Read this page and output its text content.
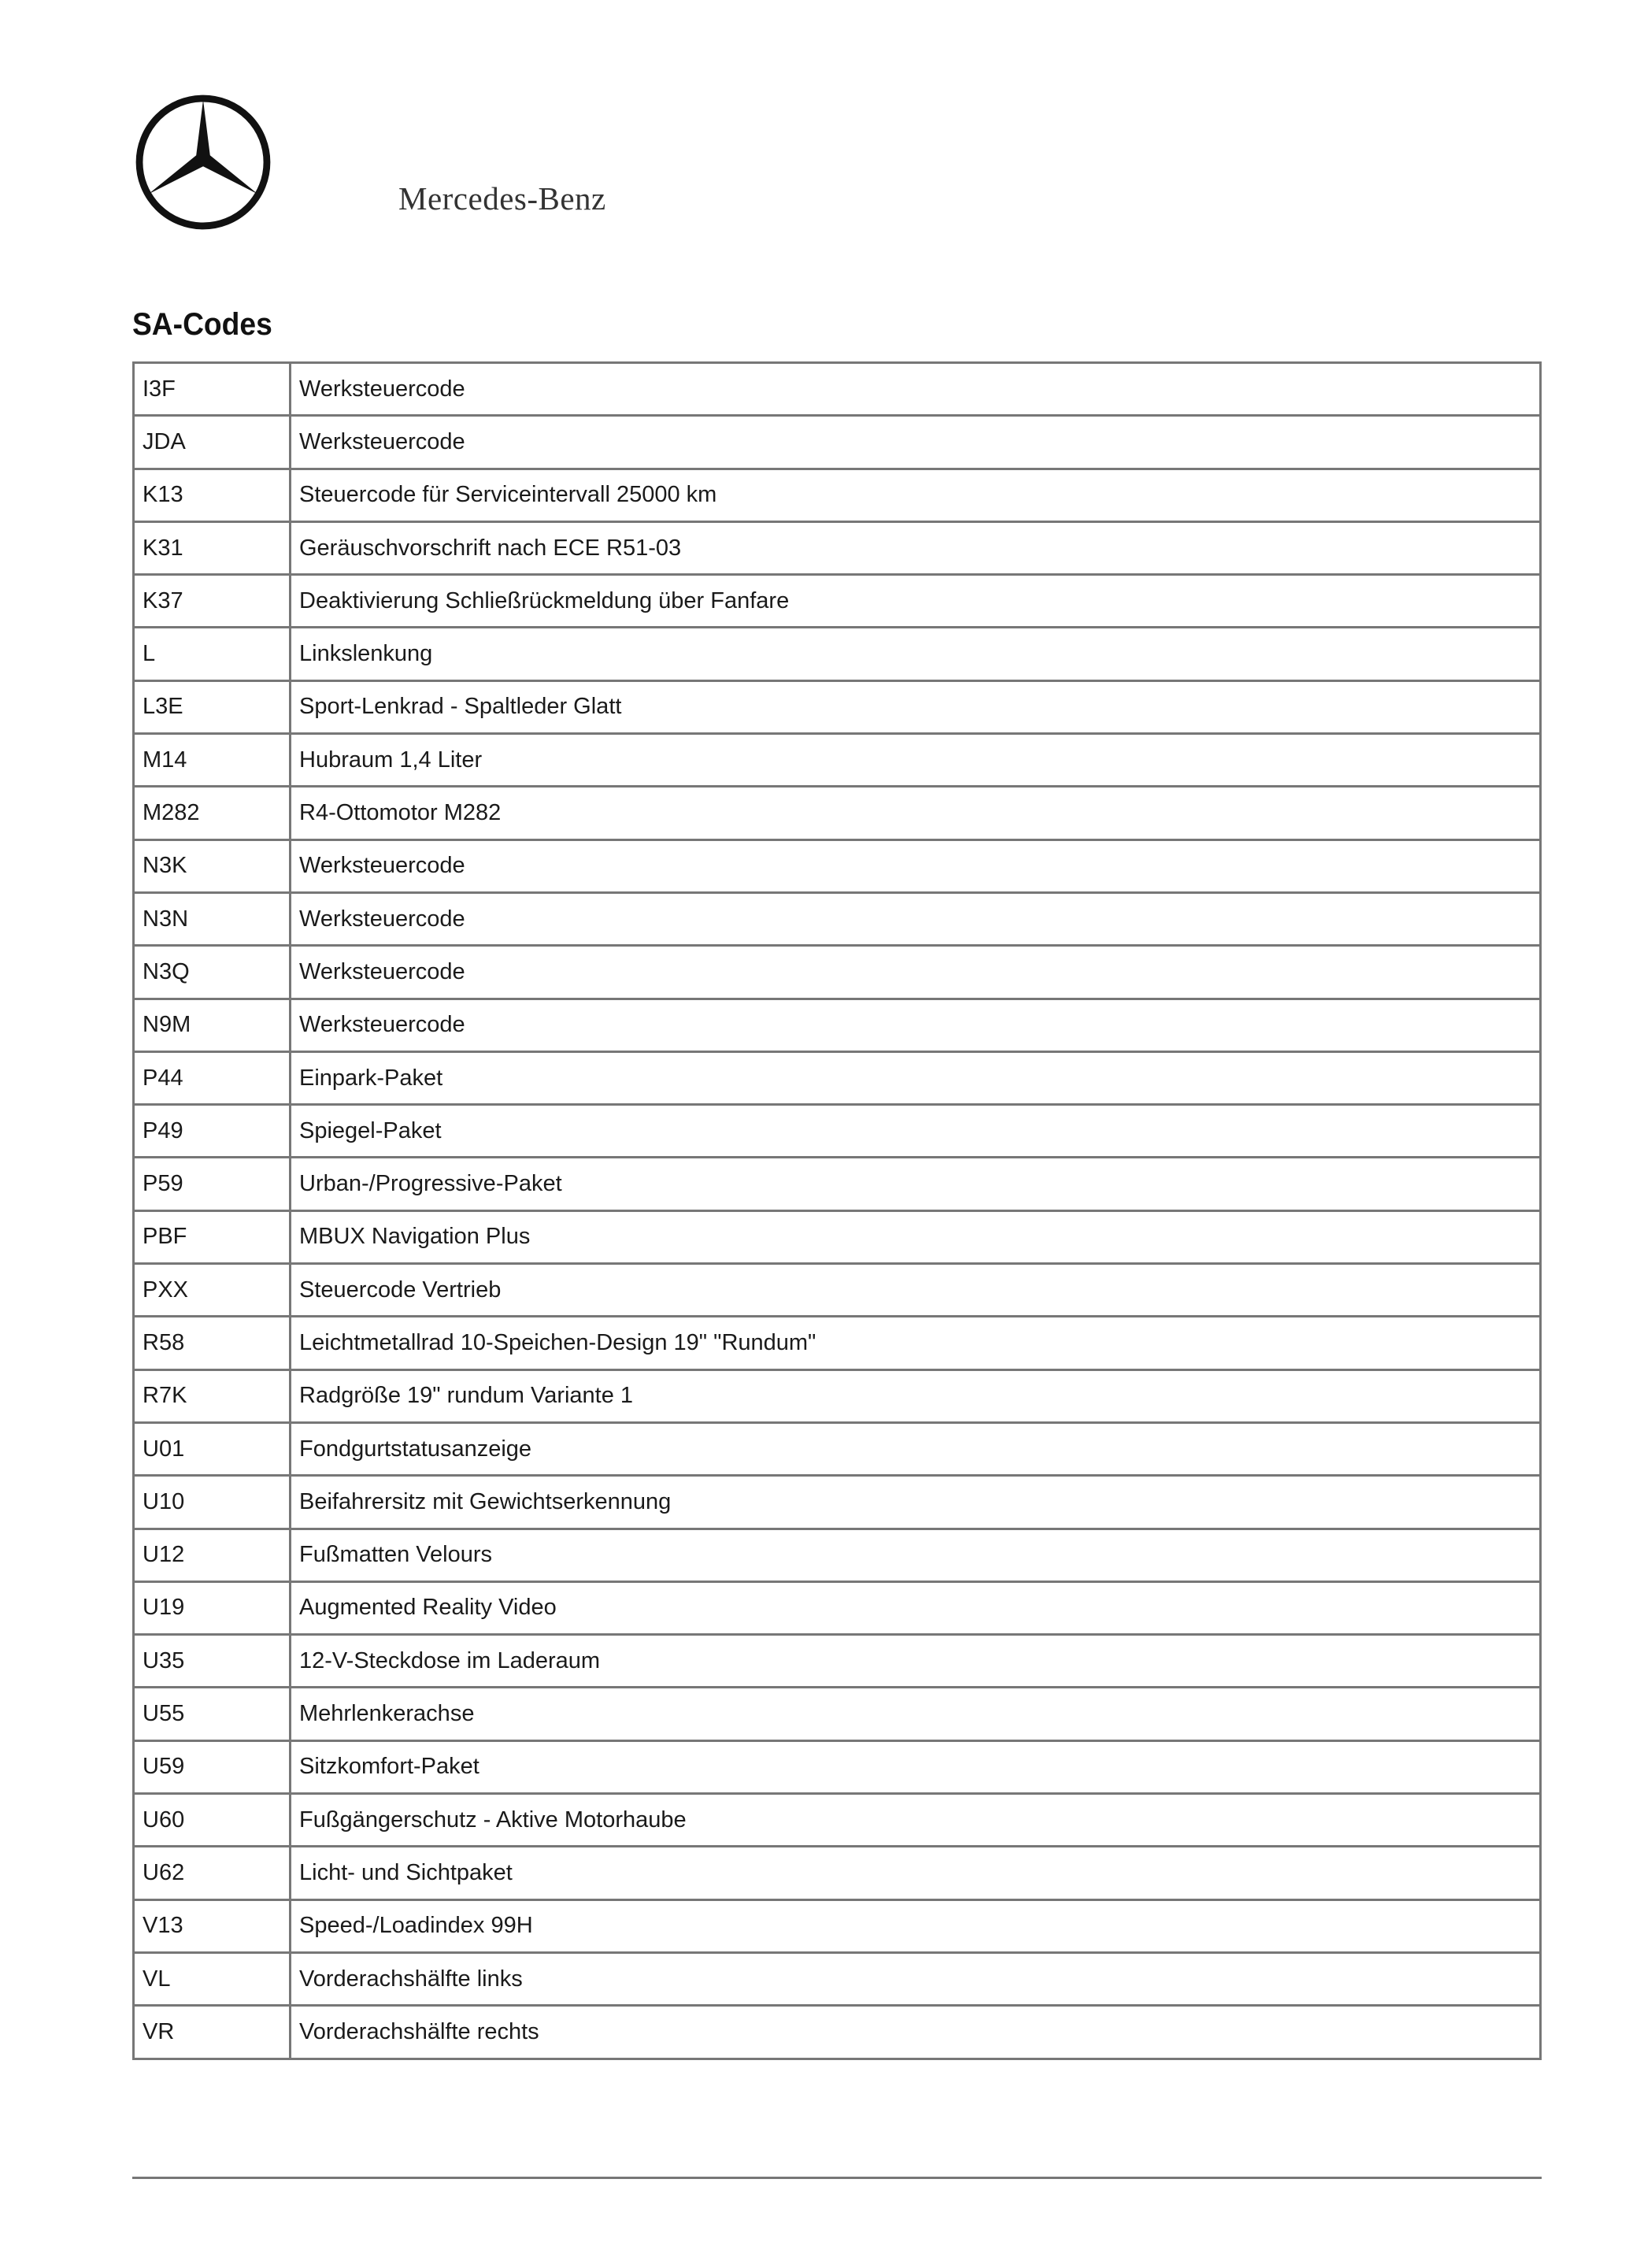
Mercedes-Benz
SA-Codes
I3F	Werksteuercode
JDA	Werksteuercode
K13	Steuercode für Serviceintervall 25000 km
K31	Geräuschvorschrift nach ECE R51-03
K37	Deaktivierung Schließrückmeldung über Fanfare
L	Linkslenkung
L3E	Sport-Lenkrad - Spaltleder Glatt
M14	Hubraum 1,4 Liter
M282	R4-Ottomotor M282
N3K	Werksteuercode
N3N	Werksteuercode
N3Q	Werksteuercode
N9M	Werksteuercode
P44	Einpark-Paket
P49	Spiegel-Paket
P59	Urban-/Progressive-Paket
PBF	MBUX Navigation Plus
PXX	Steuercode Vertrieb
R58	Leichtmetallrad 10-Speichen-Design 19" "Rundum"
R7K	Radgröße 19" rundum Variante 1
U01	Fondgurtstatusanzeige
U10	Beifahrersitz mit Gewichtserkennung
U12	Fußmatten Velours
U19	Augmented Reality Video
U35	12-V-Steckdose im Laderaum
U55	Mehrlenkerachse
U59	Sitzkomfort-Paket
U60	Fußgängerschutz - Aktive Motorhaube
U62	Licht- und Sichtpaket
V13	Speed-/Loadindex 99H
VL	Vorderachshälfte links
VR	Vorderachshälfte rechts
